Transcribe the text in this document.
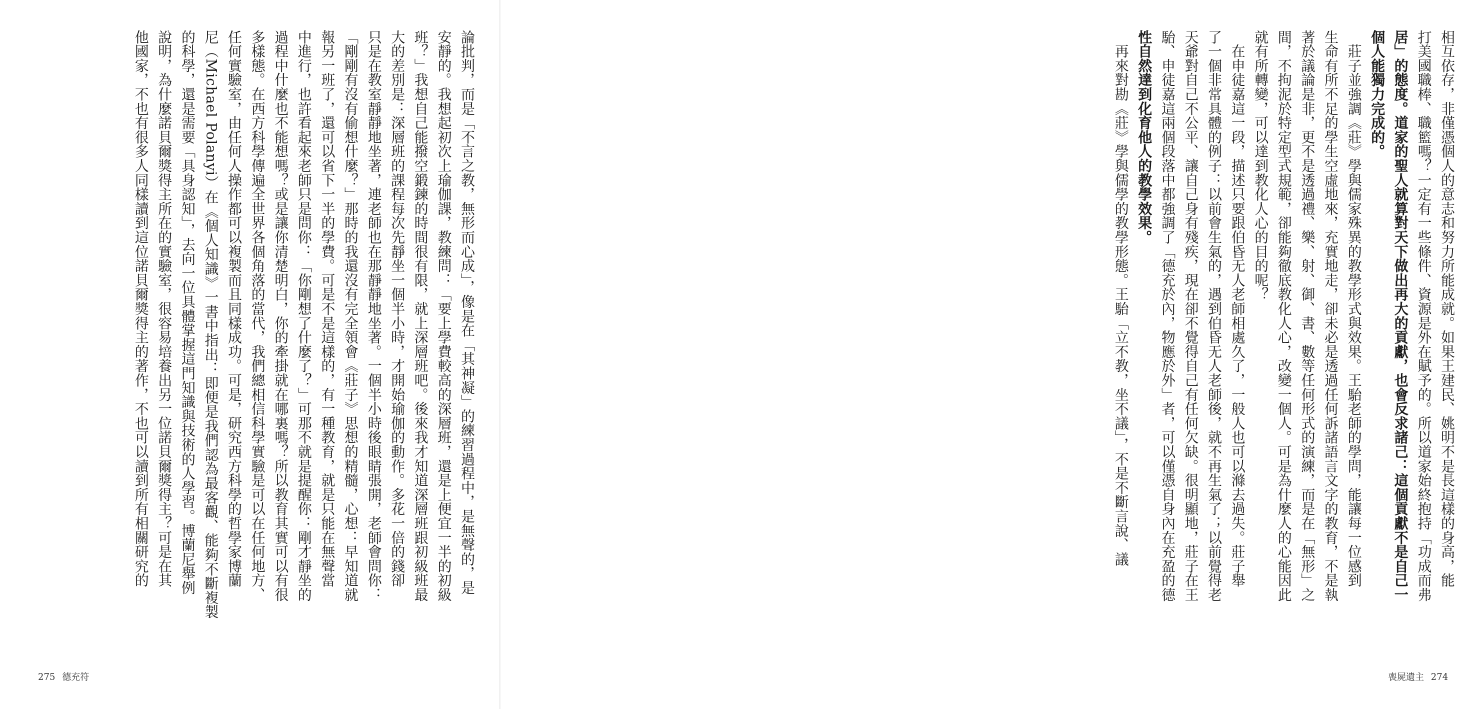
論批判，而是「不言之教，無形而心成」，像是在「其神凝」的練習過程中，是無聲的，是
安靜的。我想起初次上瑜伽課，教練問：「要上學費較高的深層班，還是上便宜一半的初級
班？」我想自己能撥空鍛鍊的時間很有限，就上深層班吧。後來我才知道深層班跟初級班最
大的差別是：深層班的課程每次先靜坐一個半小時，才開始瑜伽的動作。多花一倍的錢卻
只是在教室靜靜地坐著，連老師也在那靜靜地坐著。一個半小時後眼睛張開，老師會問你：
「剛剛有沒有偷想什麼？」那時的我還沒有完全領會《莊子》思想的精髓，心想：早知道就
報另一班了，還可以省下一半的學費。可是不是這樣的，有一種教育，就是只能在無聲當
中進行，也許看起來老師只是問你：「你剛想了什麼了？」可那不就是提醒你：剛才靜坐的
過程中什麼也不能想嗎？或是讓你清楚明白，你的牽掛就在哪裏嗎？所以教育其實可以有很
多樣態。在西方科學傳遍全世界各個角落的當代，我們總相信科學實驗是可以在任何地方、
任何實驗室，由任何人操作都可以複製而且同樣成功。可是，研究西方科學的哲學家博蘭
尼（Michael Polanyi）在《個人知識》一書中指出：即便是我們認為最客觀、能夠不斷複製
的科學，還是需要「具身認知」，去向一位具體掌握這門知識與技術的人學習。博蘭尼舉例
說明，為什麼諾貝爾獎得主所在的實驗室，很容易培養出另一位諾貝爾獎得主？可是在其
他國家，不也有很多人同樣讀到這位諾貝爾獎得主的著作，不也可以讀到所有相關研究的
275 德充符
相互依存，非僅憑個人的意志和努力所能成就。如果王建民、姚明不是長這樣的身高，能
打美國職棒、職籃嗎？一定有一些條件、資源是外在賦予的。所以道家始終抱持「功成而弗
居」的態度。道家的聖人就算對天下做出再大的貢獻，也會反求諸己：這個貢獻不是自己一
個人能獨力完成的。
　莊子並強調《莊》學與儒家殊異的教學形式與效果。王駘老師的學問，能讓每一位感到
生命有所不足的學生空虛地來，充實地走，卻未必是透過任何訴諸語言文字的教育，不是執
著於議論是非，更不是透過禮、樂、射、御、書、數等任何形式的演練，而是在「無形」之
間，不拘泥於特定型式規範，卻能夠徹底教化人心，改變一個人。可是為什麼人的心能因此
就有所轉變，可以達到教化人心的目的呢？
　在申徒嘉這一段，描述只要跟伯昏无人老師相處久了，一般人也可以滌去過失。莊子舉
了一個非常具體的例子：以前會生氣的，遇到伯昏无人老師後，就不再生氣了；以前覺得老
天爺對自己不公平、讓自己身有殘疾，現在卻不覺得自己有任何欠缺。很明顯地，莊子在王
駘、申徒嘉這兩個段落中都強調了「德充於內，物應於外」者，可以僅憑自身內在充盈的德
性自然達到化育他人的教學效果。
　再來對勘《莊》學與儒學的教學形態。王駘「立不教，坐不議」，不是不斷言說、議
喪屍遺主 274
